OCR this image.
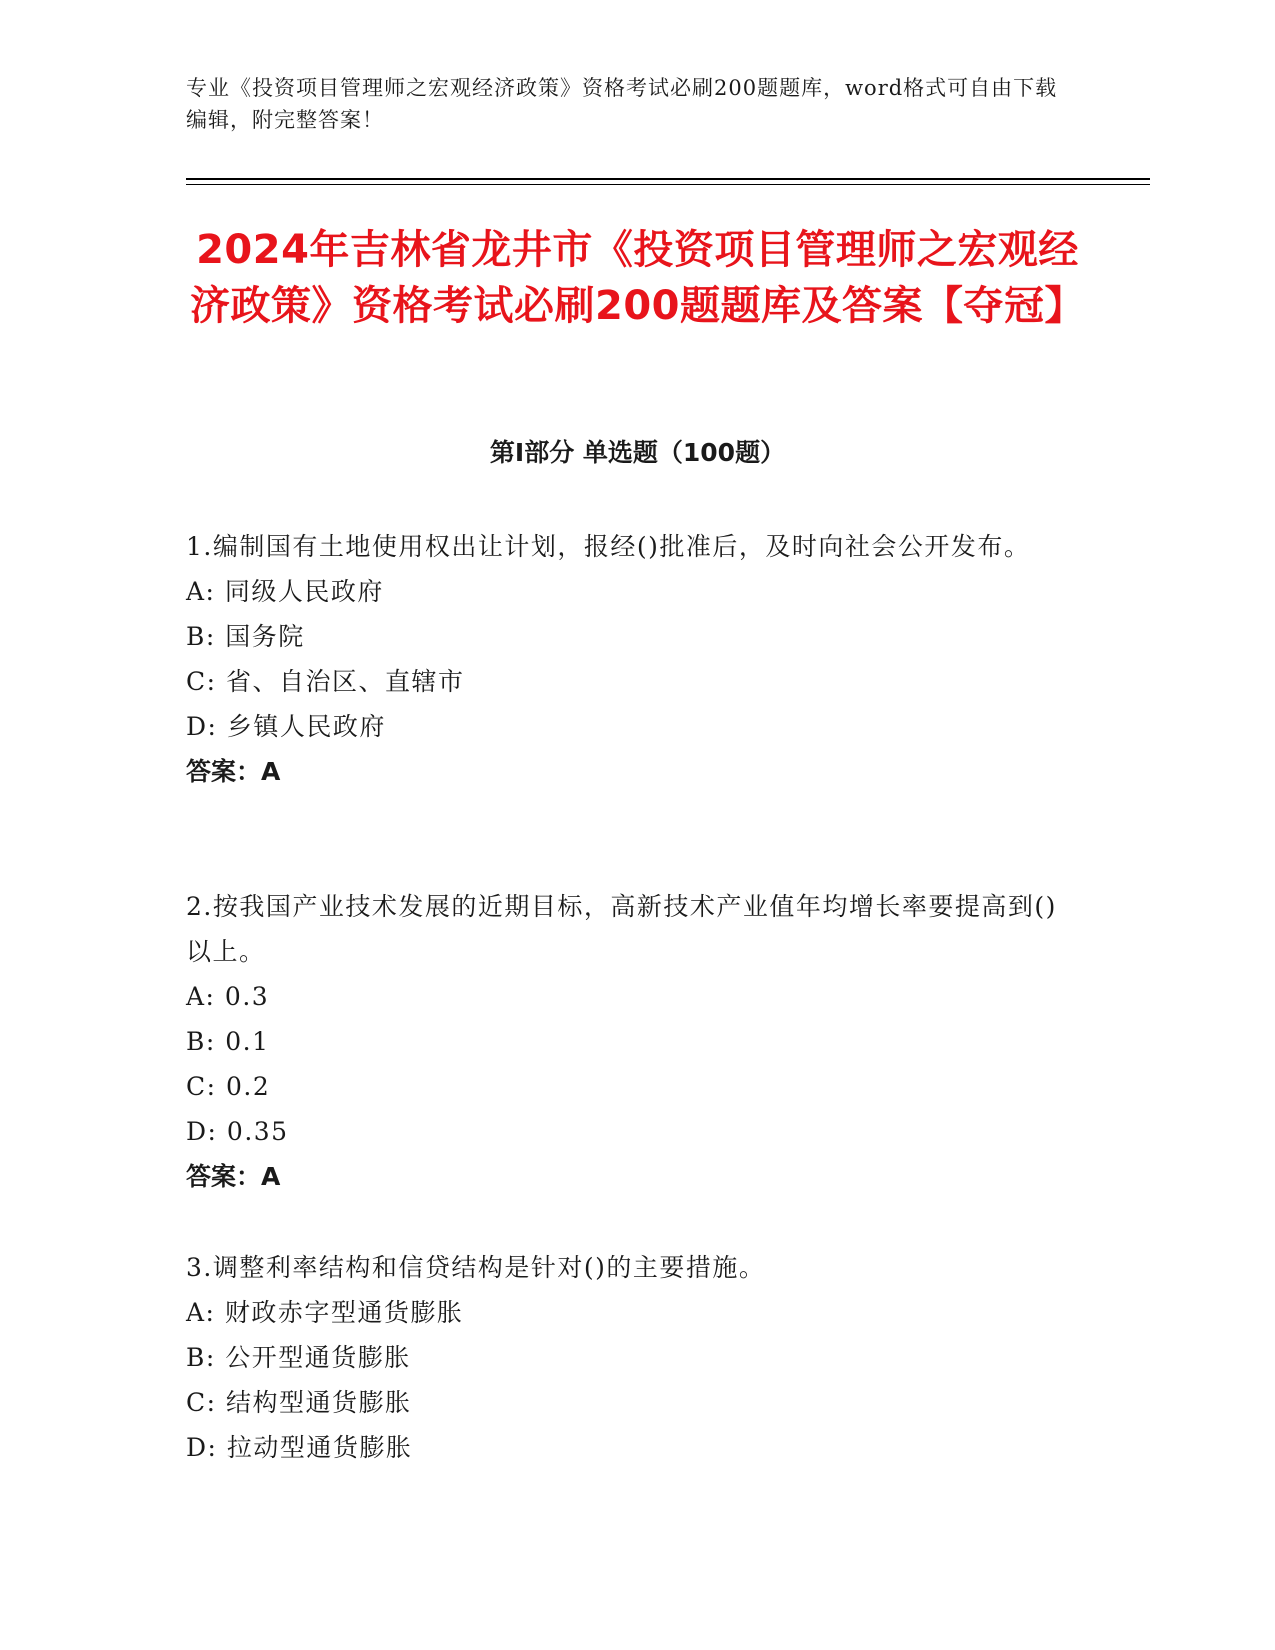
专业《投资项目管理师之宏观经济政策》资格考试必刷200题题库，word格式可自由下载编辑，附完整答案！
2024年吉林省龙井市《投资项目管理师之宏观经济政策》资格考试必刷200题题库及答案【夺冠】
第I部分 单选题（100题）
1.编制国有土地使用权出让计划，报经()批准后，及时向社会公开发布。
A: 同级人民政府
B: 国务院
C: 省、自治区、直辖市
D: 乡镇人民政府
答案：A
2.按我国产业技术发展的近期目标，高新技术产业值年均增长率要提高到()以上。
A: 0.3
B: 0.1
C: 0.2
D: 0.35
答案：A
3.调整利率结构和信贷结构是针对()的主要措施。
A: 财政赤字型通货膨胀
B: 公开型通货膨胀
C: 结构型通货膨胀
D: 拉动型通货膨胀
